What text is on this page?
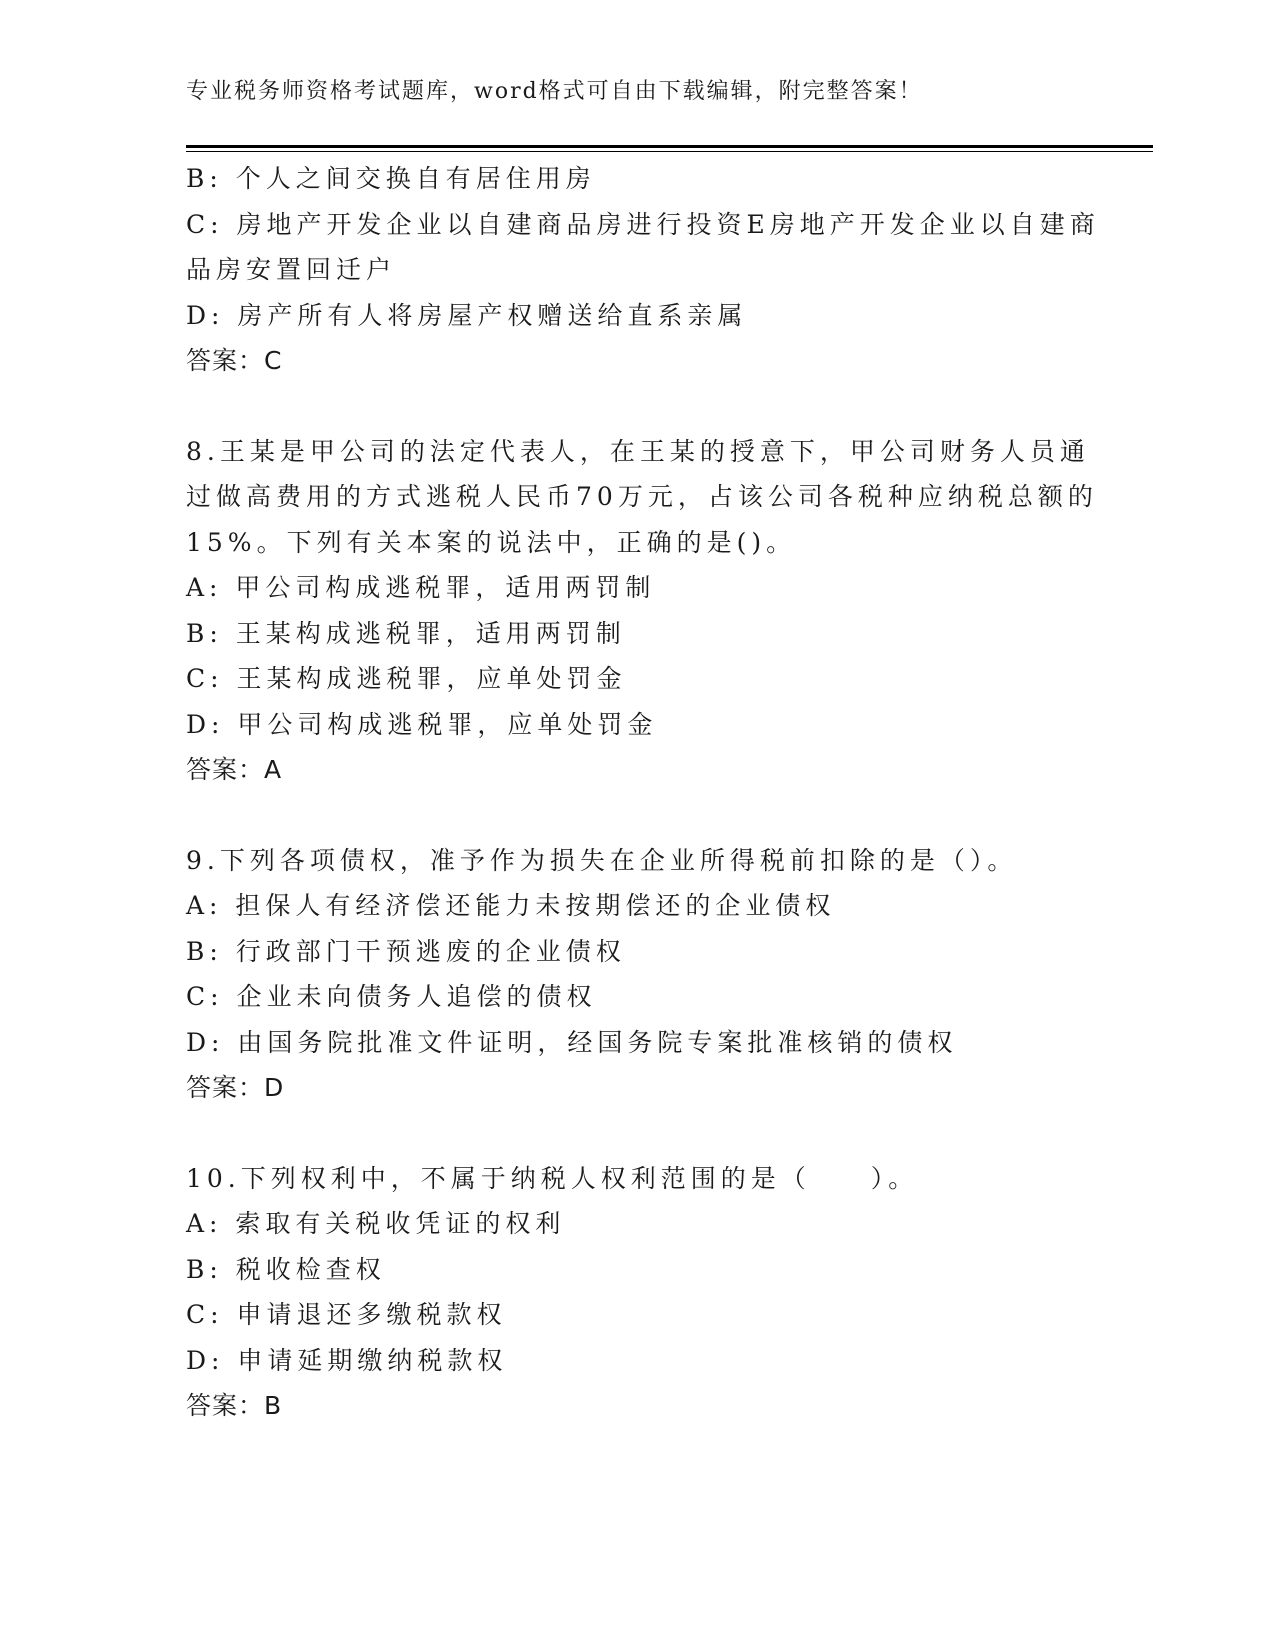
专业税务师资格考试题库，word格式可自由下载编辑，附完整答案！

B: 个人之间交换自有居住用房

C: 房地产开发企业以自建商品房进行投资E房地产开发企业以自建商

品房安置回迁户

D: 房产所有人将房屋产权赠送给直系亲属

答案：C

8.王某是甲公司的法定代表人，在王某的授意下，甲公司财务人员通

过做高费用的方式逃税人民币70万元，占该公司各税种应纳税总额的

15%。下列有关本案的说法中，正确的是()。

A: 甲公司构成逃税罪，适用两罚制

B: 王某构成逃税罪，适用两罚制

C: 王某构成逃税罪，应单处罚金

D: 甲公司构成逃税罪，应单处罚金

答案：A

9.下列各项债权，准予作为损失在企业所得税前扣除的是（）。

A: 担保人有经济偿还能力未按期偿还的企业债权

B: 行政部门干预逃废的企业债权

C: 企业未向债务人追偿的债权

D: 由国务院批准文件证明，经国务院专案批准核销的债权

答案：D

10.下列权利中，不属于纳税人权利范围的是（　　）。

A: 索取有关税收凭证的权利

B: 税收检查权

C: 申请退还多缴税款权

D: 申请延期缴纳税款权

答案：B
